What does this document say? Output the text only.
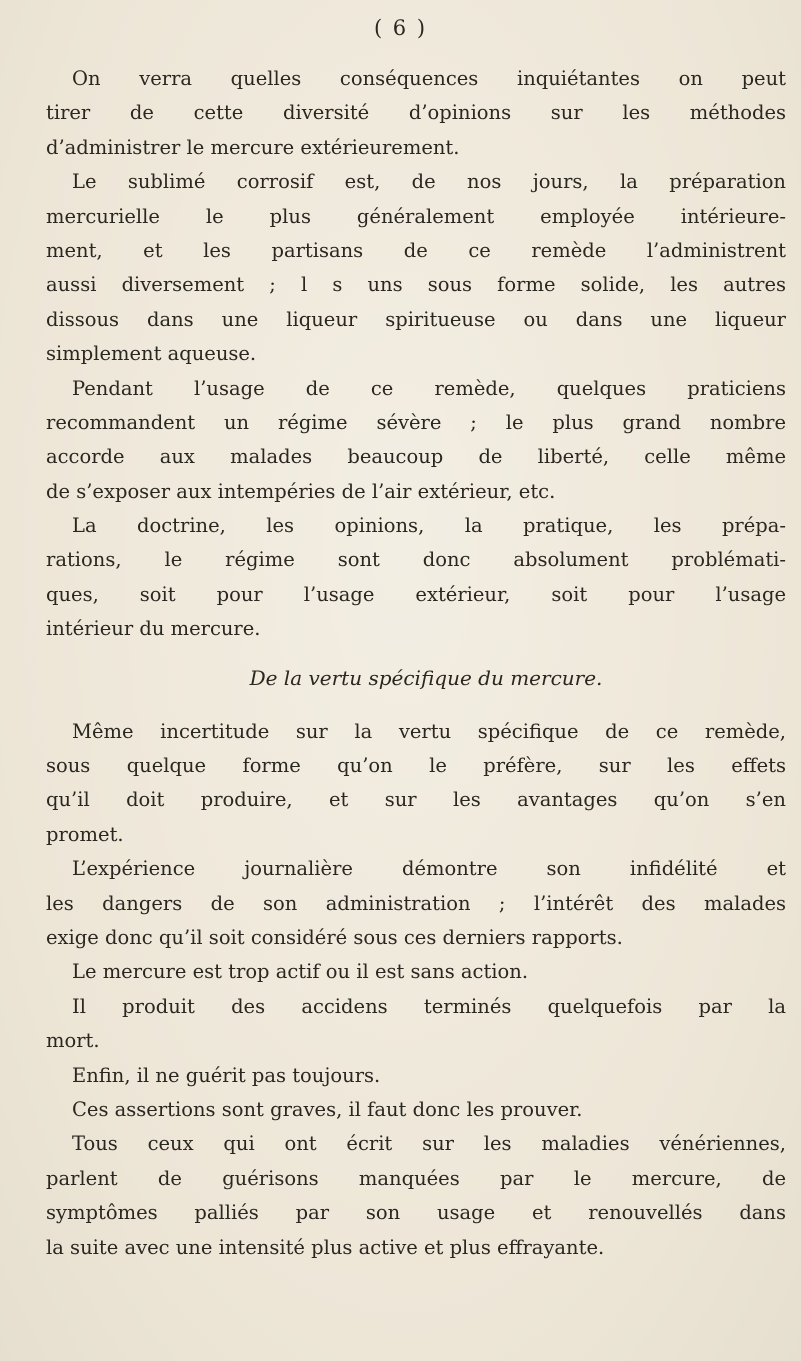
( 6 )
On verra quelles conséquences inquiétantes on peut
tirer de cette diversité d’opinions sur les méthodes
d’administrer le mercure extérieurement.
Le sublimé corrosif est, de nos jours, la préparation
mercurielle le plus généralement employée intérieure-
ment, et les partisans de ce remède l’administrent
aussi diversement ; l s uns sous forme solide, les autres
dissous dans une liqueur spiritueuse ou dans une liqueur
simplement aqueuse.
Pendant l’usage de ce remède, quelques praticiens
recommandent un régime sévère ; le plus grand nombre
accorde aux malades beaucoup de liberté, celle même
de s’exposer aux intempéries de l’air extérieur, etc.
La doctrine, les opinions, la pratique, les prépa-
rations, le régime sont donc absolument problémati-
ques, soit pour l’usage extérieur, soit pour l’usage
intérieur du mercure.
De la vertu spécifique du mercure.
Même incertitude sur la vertu spécifique de ce remède,
sous quelque forme qu’on le préfère, sur les effets
qu’il doit produire, et sur les avantages qu’on s’en
promet.
L’expérience journalière démontre son infidélité et
les dangers de son administration ; l’intérêt des malades
exige donc qu’il soit considéré sous ces derniers rapports.
Le mercure est trop actif ou il est sans action.
Il produit des accidens terminés quelquefois par la
mort.
Enfin, il ne guérit pas toujours.
Ces assertions sont graves, il faut donc les prouver.
Tous ceux qui ont écrit sur les maladies vénériennes,
parlent de guérisons manquées par le mercure, de
symptômes palliés par son usage et renouvellés dans
la suite avec une intensité plus active et plus effrayante.
